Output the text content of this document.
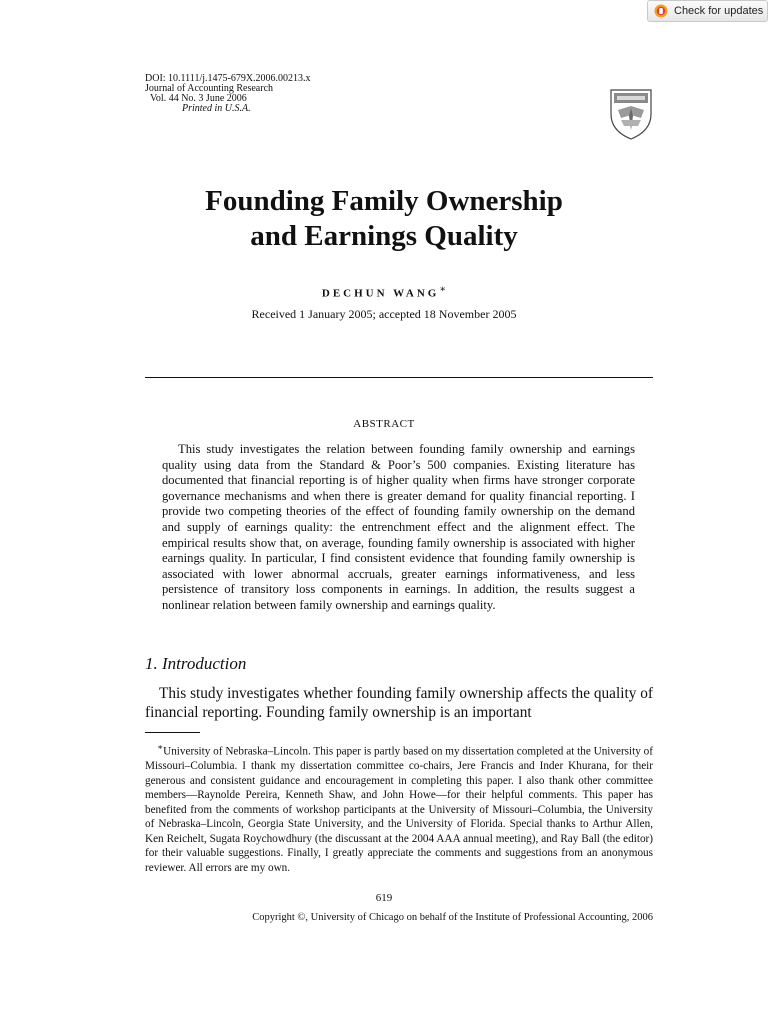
Check for updates
DOI: 10.1111/j.1475-679X.2006.00213.x
Journal of Accounting Research
Vol. 44 No. 3 June 2006
Printed in U.S.A.
Founding Family Ownership
and Earnings Quality
DECHUN WANG∗
Received 1 January 2005; accepted 18 November 2005
ABSTRACT

This study investigates the relation between founding family ownership and earnings quality using data from the Standard & Poor’s 500 companies. Existing literature has documented that financial reporting is of higher quality when firms have stronger corporate governance mechanisms and when there is greater demand for quality financial reporting. I provide two competing theories of the effect of founding family ownership on the demand and supply of earnings quality: the entrenchment effect and the alignment effect. The empirical results show that, on average, founding family ownership is associated with higher earnings quality. In particular, I find consistent evidence that founding family ownership is associated with lower abnormal accruals, greater earnings informativeness, and less persistence of transitory loss components in earnings. In addition, the results suggest a nonlinear relation between family ownership and earnings quality.

1. Introduction

This study investigates whether founding family ownership affects the quality of financial reporting. Founding family ownership is an important

∗University of Nebraska–Lincoln. This paper is partly based on my dissertation completed at the University of Missouri–Columbia. I thank my dissertation committee co-chairs, Jere Francis and Inder Khurana, for their generous and consistent guidance and encouragement in completing this paper. I also thank other committee members—Raynolde Pereira, Kenneth Shaw, and John Howe—for their helpful comments. This paper has benefited from the comments of workshop participants at the University of Missouri–Columbia, the University of Nebraska–Lincoln, Georgia State University, and the University of Florida. Special thanks to Arthur Allen, Ken Reichelt, Sugata Roychowdhury (the discussant at the 2004 AAA annual meeting), and Ray Ball (the editor) for their valuable suggestions. Finally, I greatly appreciate the comments and suggestions from an anonymous reviewer. All errors are my own.

619
Copyright ©, University of Chicago on behalf of the Institute of Professional Accounting, 2006
